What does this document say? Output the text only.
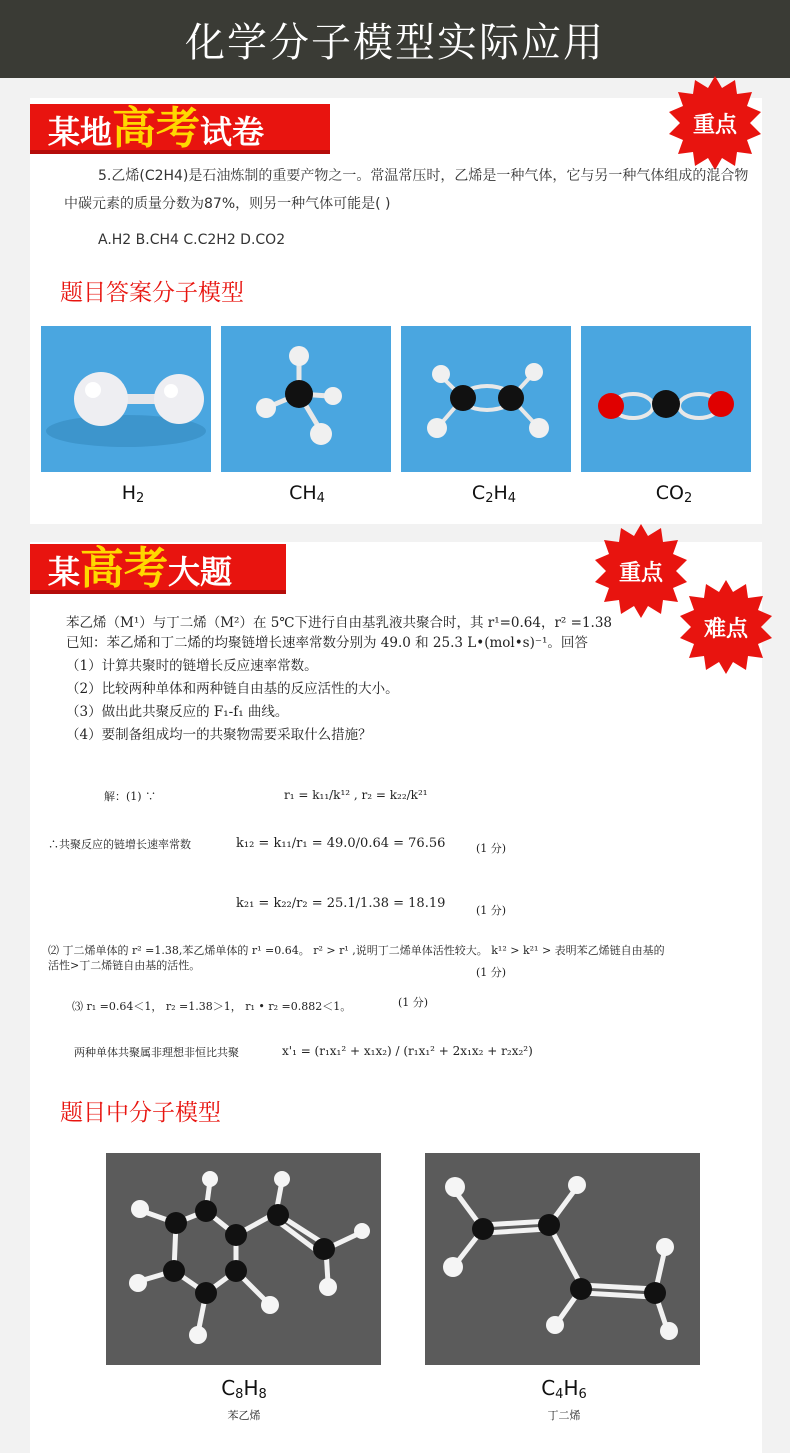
化学分子模型实际应用
某地 高考 试卷	重点
5.乙烯(C2H4)是石油炼制的重要产物之一。常温常压时，乙烯是一种气体，它与另一种气体组成的混合物中碳元素的质量分数为87%，则另一种气体可能是( )
A.H2 B.CH4 C.C2H2 D.CO2
题目答案分子模型
$H_2$	$CH_4$	$C_2H_4$	$CO_2$
某 高考 大题	重点
难点
苯乙烯（M¹）与丁二烯（M²）在 5℃下进行自由基乳液共聚合时，其 r¹=0.64，r² =1.38
已知：苯乙烯和丁二烯的均聚链增长速率常数分别为 49.0 和 25.3 L•(mol•s)⁻¹。回答
（1）计算共聚时的链增长反应速率常数。
（2）比较两种单体和两种链自由基的反应活性的大小。
（3）做出此共聚反应的 F₁-f₁ 曲线。
（4）要制备组成均一的共聚物需要采取什么措施？
解：(1) ∵	r₁ = k₁₁/k¹² , r₂ = k₂₂/k²¹
∴共聚反应的链增长速率常数	k₁₂ = k₁₁/r₁ = 49.0/0.64 = 76.56	(1 分)
k₂₁ = k₂₂/r₂ = 25.1/1.38 = 18.19	(1 分)
⑵ 丁二烯单体的 r² =1.38,苯乙烯单体的 r¹ =0.64。 r² > r¹ ,说明丁二烯单体活性较大。 k¹² > k²¹ > 表明苯乙烯链自由基的
活性>丁二烯链自由基的活性。
(1 分)
⑶ r₁ =0.64＜1， r₂ =1.38＞1， r₁ • r₂ =0.882＜1。	(1 分)
两种单体共聚属非理想非恒比共聚	x'₁ = (r₁x₁² + x₁x₂) / (r₁x₁² + 2x₁x₂ + r₂x₂²)
题目中分子模型
$C_8H_8$
苯乙烯
$C_4H_6$
丁二烯
